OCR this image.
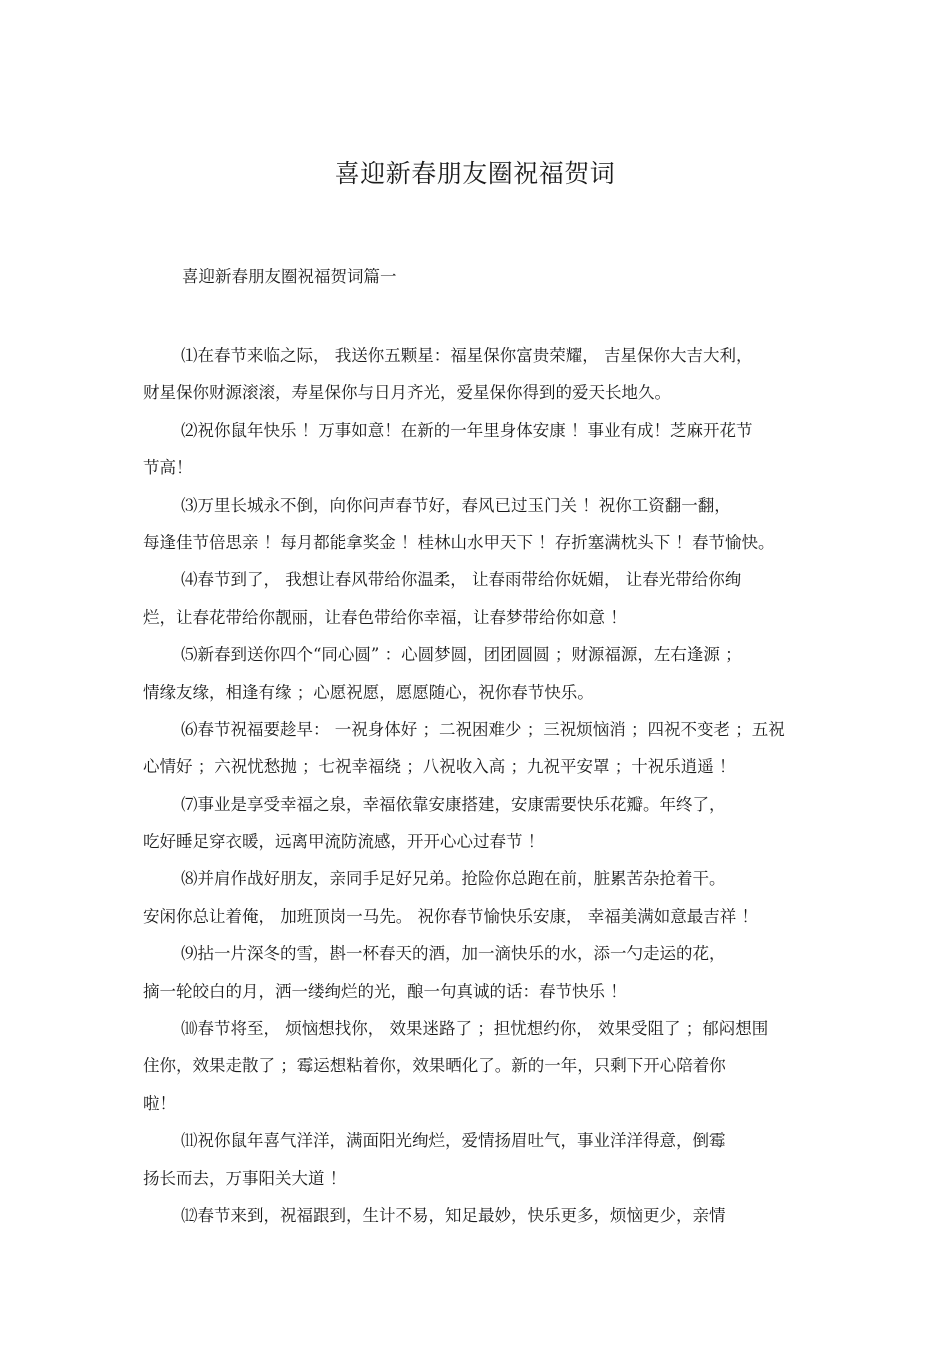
喜迎新春朋友圈祝福贺词
喜迎新春朋友圈祝福贺词篇一

⑴在春节来临之际， 我送你五颗星：福星保你富贵荣耀， 吉星保你大吉大利，
财星保你财源滚滚，寿星保你与日月齐光，爱星保你得到的爱天长地久。

⑵祝你鼠年快乐 ！万事如意！在新的一年里身体安康 ！事业有成！芝麻开花节
节高！

⑶万里长城永不倒，向你问声春节好，春风已过玉门关 ！祝你工资翻一翻，
每逢佳节倍思亲 ！每月都能拿奖金 ！桂林山水甲天下 ！存折塞满枕头下 ！春节愉快。

⑷春节到了， 我想让春风带给你温柔， 让春雨带给你妩媚， 让春光带给你绚
烂，让春花带给你靓丽，让春色带给你幸福，让春梦带给你如意 ！

⑸新春到送你四个“同心圆” ：心圆梦圆，团团圆圆 ；财源福源，左右逢源 ；
情缘友缘，相逢有缘 ；心愿祝愿，愿愿随心，祝你春节快乐。

⑹春节祝福要趁早： 一祝身体好 ；二祝困难少 ；三祝烦恼消 ；四祝不变老 ；五祝
心情好 ；六祝忧愁抛 ；七祝幸福绕 ；八祝收入高 ；九祝平安罩 ；十祝乐逍遥 ！

⑺事业是享受幸福之泉，幸福依靠安康搭建，安康需要快乐花瓣。年终了，
吃好睡足穿衣暖，远离甲流防流感，开开心心过春节 ！

⑻并肩作战好朋友，亲同手足好兄弟。抢险你总跑在前，脏累苦杂抢着干。
安闲你总让着俺， 加班顶岗一马先。 祝你春节愉快乐安康， 幸福美满如意最吉祥 ！

⑼拈一片深冬的雪，斟一杯春天的酒，加一滴快乐的水，添一勺走运的花，
摘一轮皎白的月，洒一缕绚烂的光，酿一句真诚的话：春节快乐 ！

⑽春节将至， 烦恼想找你， 效果迷路了 ；担忧想约你， 效果受阻了 ；郁闷想围
住你，效果走散了 ；霉运想粘着你，效果晒化了。新的一年，只剩下开心陪着你
啦！

⑾祝你鼠年喜气洋洋，满面阳光绚烂，爱情扬眉吐气，事业洋洋得意，倒霉
扬长而去，万事阳关大道 ！

⑿春节来到，祝福跟到，生计不易，知足最妙，快乐更多，烦恼更少，亲情
